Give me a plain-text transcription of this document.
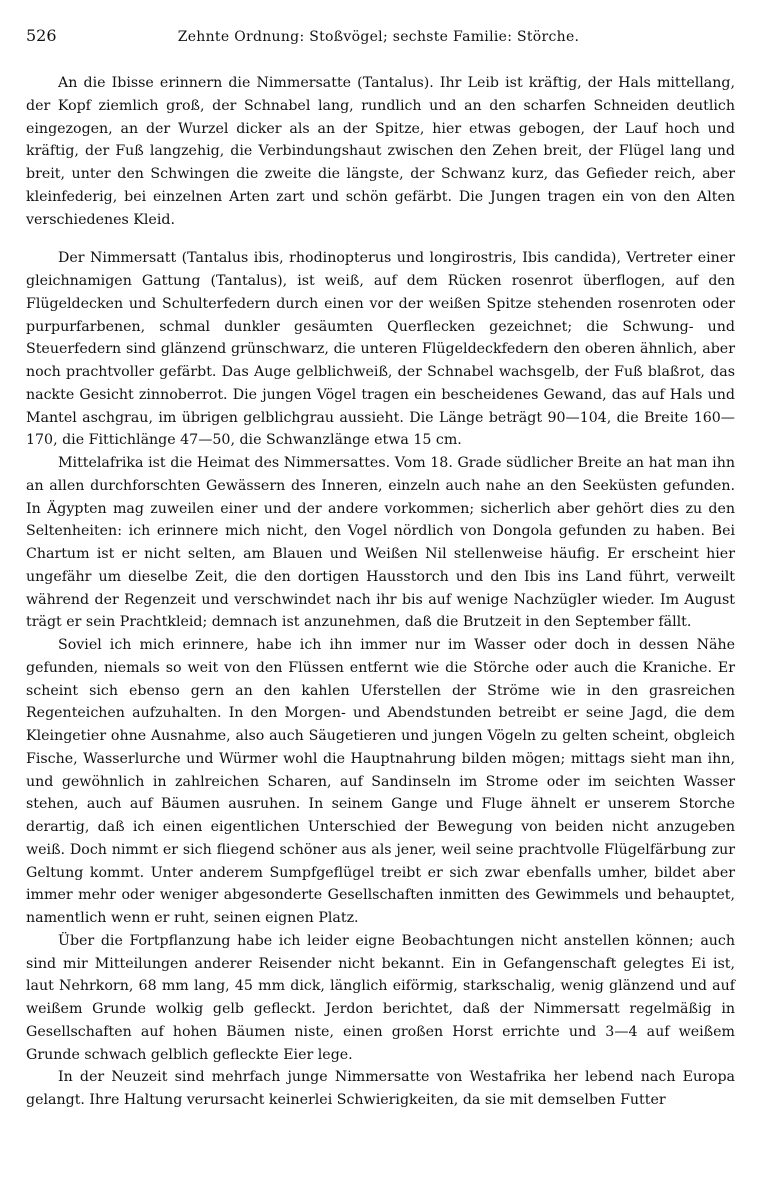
526	Zehnte Ordnung: Stoßvögel; sechste Familie: Störche.

An die Ibisse erinnern die Nimmersatte (Tantalus). Ihr Leib ist kräftig, der Hals mittellang, der Kopf ziemlich groß, der Schnabel lang, rundlich und an den scharfen Schneiden deutlich eingezogen, an der Wurzel dicker als an der Spitze, hier etwas gebogen, der Lauf hoch und kräftig, der Fuß langzehig, die Verbindungshaut zwischen den Zehen breit, der Flügel lang und breit, unter den Schwingen die zweite die längste, der Schwanz kurz, das Gefieder reich, aber kleinfederig, bei einzelnen Arten zart und schön gefärbt. Die Jungen tragen ein von den Alten verschiedenes Kleid.

Der Nimmersatt (Tantalus ibis, rhodinopterus und longirostris, Ibis candida), Vertreter einer gleichnamigen Gattung (Tantalus), ist weiß, auf dem Rücken rosenrot überflogen, auf den Flügeldecken und Schulterfedern durch einen vor der weißen Spitze stehenden rosenroten oder purpurfarbenen, schmal dunkler gesäumten Querflecken gezeichnet; die Schwung- und Steuerfedern sind glänzend grünschwarz, die unteren Flügeldeckfedern den oberen ähnlich, aber noch prachtvoller gefärbt. Das Auge gelblichweiß, der Schnabel wachsgelb, der Fuß blaßrot, das nackte Gesicht zinnoberrot. Die jungen Vögel tragen ein bescheidenes Gewand, das auf Hals und Mantel aschgrau, im übrigen gelblichgrau aussieht. Die Länge beträgt 90—104, die Breite 160—170, die Fittichlänge 47—50, die Schwanzlänge etwa 15 cm.

Mittelafrika ist die Heimat des Nimmersattes. Vom 18. Grade südlicher Breite an hat man ihn an allen durchforschten Gewässern des Inneren, einzeln auch nahe an den Seeküsten gefunden. In Ägypten mag zuweilen einer und der andere vorkommen; sicherlich aber gehört dies zu den Seltenheiten: ich erinnere mich nicht, den Vogel nördlich von Dongola gefunden zu haben. Bei Chartum ist er nicht selten, am Blauen und Weißen Nil stellenweise häufig. Er erscheint hier ungefähr um dieselbe Zeit, die den dortigen Hausstorch und den Ibis ins Land führt, verweilt während der Regenzeit und verschwindet nach ihr bis auf wenige Nachzügler wieder. Im August trägt er sein Prachtkleid; demnach ist anzunehmen, daß die Brutzeit in den September fällt.

Soviel ich mich erinnere, habe ich ihn immer nur im Wasser oder doch in dessen Nähe gefunden, niemals so weit von den Flüssen entfernt wie die Störche oder auch die Kraniche. Er scheint sich ebenso gern an den kahlen Uferstellen der Ströme wie in den grasreichen Regenteichen aufzuhalten. In den Morgen- und Abendstunden betreibt er seine Jagd, die dem Kleingetier ohne Ausnahme, also auch Säugetieren und jungen Vögeln zu gelten scheint, obgleich Fische, Wasserlurche und Würmer wohl die Hauptnahrung bilden mögen; mittags sieht man ihn, und gewöhnlich in zahlreichen Scharen, auf Sandinseln im Strome oder im seichten Wasser stehen, auch auf Bäumen ausruhen. In seinem Gange und Fluge ähnelt er unserem Storche derartig, daß ich einen eigentlichen Unterschied der Bewegung von beiden nicht anzugeben weiß. Doch nimmt er sich fliegend schöner aus als jener, weil seine prachtvolle Flügelfärbung zur Geltung kommt. Unter anderem Sumpfgeflügel treibt er sich zwar ebenfalls umher, bildet aber immer mehr oder weniger abgesonderte Gesellschaften inmitten des Gewimmels und behauptet, namentlich wenn er ruht, seinen eignen Platz.

Über die Fortpflanzung habe ich leider eigne Beobachtungen nicht anstellen können; auch sind mir Mitteilungen anderer Reisender nicht bekannt. Ein in Gefangenschaft gelegtes Ei ist, laut Nehrkorn, 68 mm lang, 45 mm dick, länglich eiförmig, starkschalig, wenig glänzend und auf weißem Grunde wolkig gelb gefleckt. Jerdon berichtet, daß der Nimmersatt regelmäßig in Gesellschaften auf hohen Bäumen niste, einen großen Horst errichte und 3—4 auf weißem Grunde schwach gelblich gefleckte Eier lege.

In der Neuzeit sind mehrfach junge Nimmersatte von Westafrika her lebend nach Europa gelangt. Ihre Haltung verursacht keinerlei Schwierigkeiten, da sie mit demselben Futter
